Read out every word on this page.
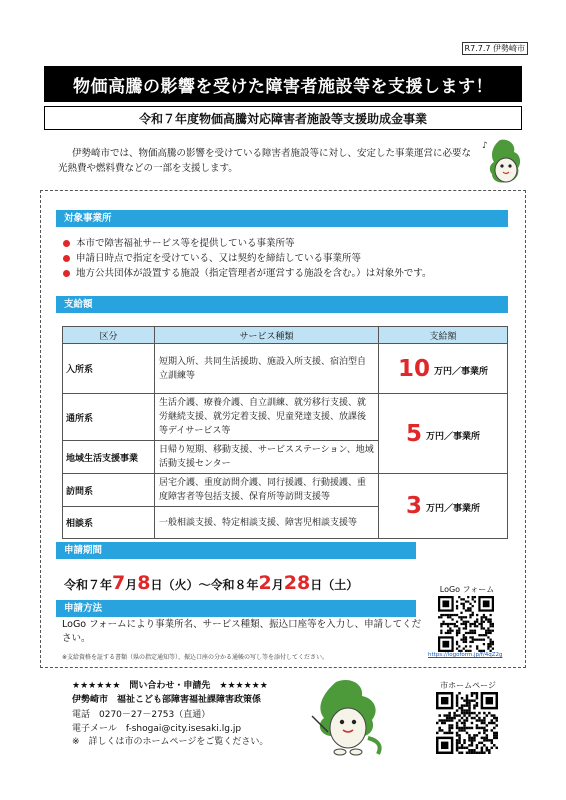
R7.7.7 伊勢崎市
物価高騰の影響を受けた障害者施設等を支援します！
令和７年度物価高騰対応障害者施設等支援助成金事業

伊勢崎市では、物価高騰の影響を受けている障害者施設等に対し、安定した事業運営に必要な光熱費や燃料費などの一部を支援します。

♪
対象事業所
本市で障害福祉サービス等を提供している事業所等
申請日時点で指定を受けている、又は契約を締結している事業所等
地方公共団体が設置する施設（指定管理者が運営する施設を含む。）は対象外です。
支給額
区分	サービス種類	支給額
入所系	短期入所、共同生活援助、施設入所支援、宿泊型自立訓練等	10 万円／事業所
通所系	生活介護、療養介護、自立訓練、就労移行支援、就労継続支援、就労定着支援、児童発達支援、放課後等デイサービス等	5 万円／事業所
地域生活支援事業	日帰り短期、移動支援、サービスステーション、地域活動支援センター	
訪問系	居宅介護、重度訪問介護、同行援護、行動援護、重度障害者等包括支援、保育所等訪問支援等	3 万円／事業所
相談系	一般相談支援、特定相談支援、障害児相談支援等	
申請期間
令和７年7月8日（火）～令和８年2月28日（土）	LoGo フォーム
https://logoform.jp/f/4qZ2g
申請方法

LoGo フォームにより事業所名、サービス種類、振込口座等を入力し、申請してください。

※支給資格を証する書類（県の指定通知等）、振込口座の分かる通帳の写し等を添付してください。

★★★★★★　問い合わせ・申請先　★★★★★★
伊勢崎市　福祉こども部障害福祉課障害政策係
電話　0270－27－2753（直通）
電子メール　f-shogai@city.isesaki.lg.jp
※　詳しくは市のホームページをご覧ください。
市ホームページ
